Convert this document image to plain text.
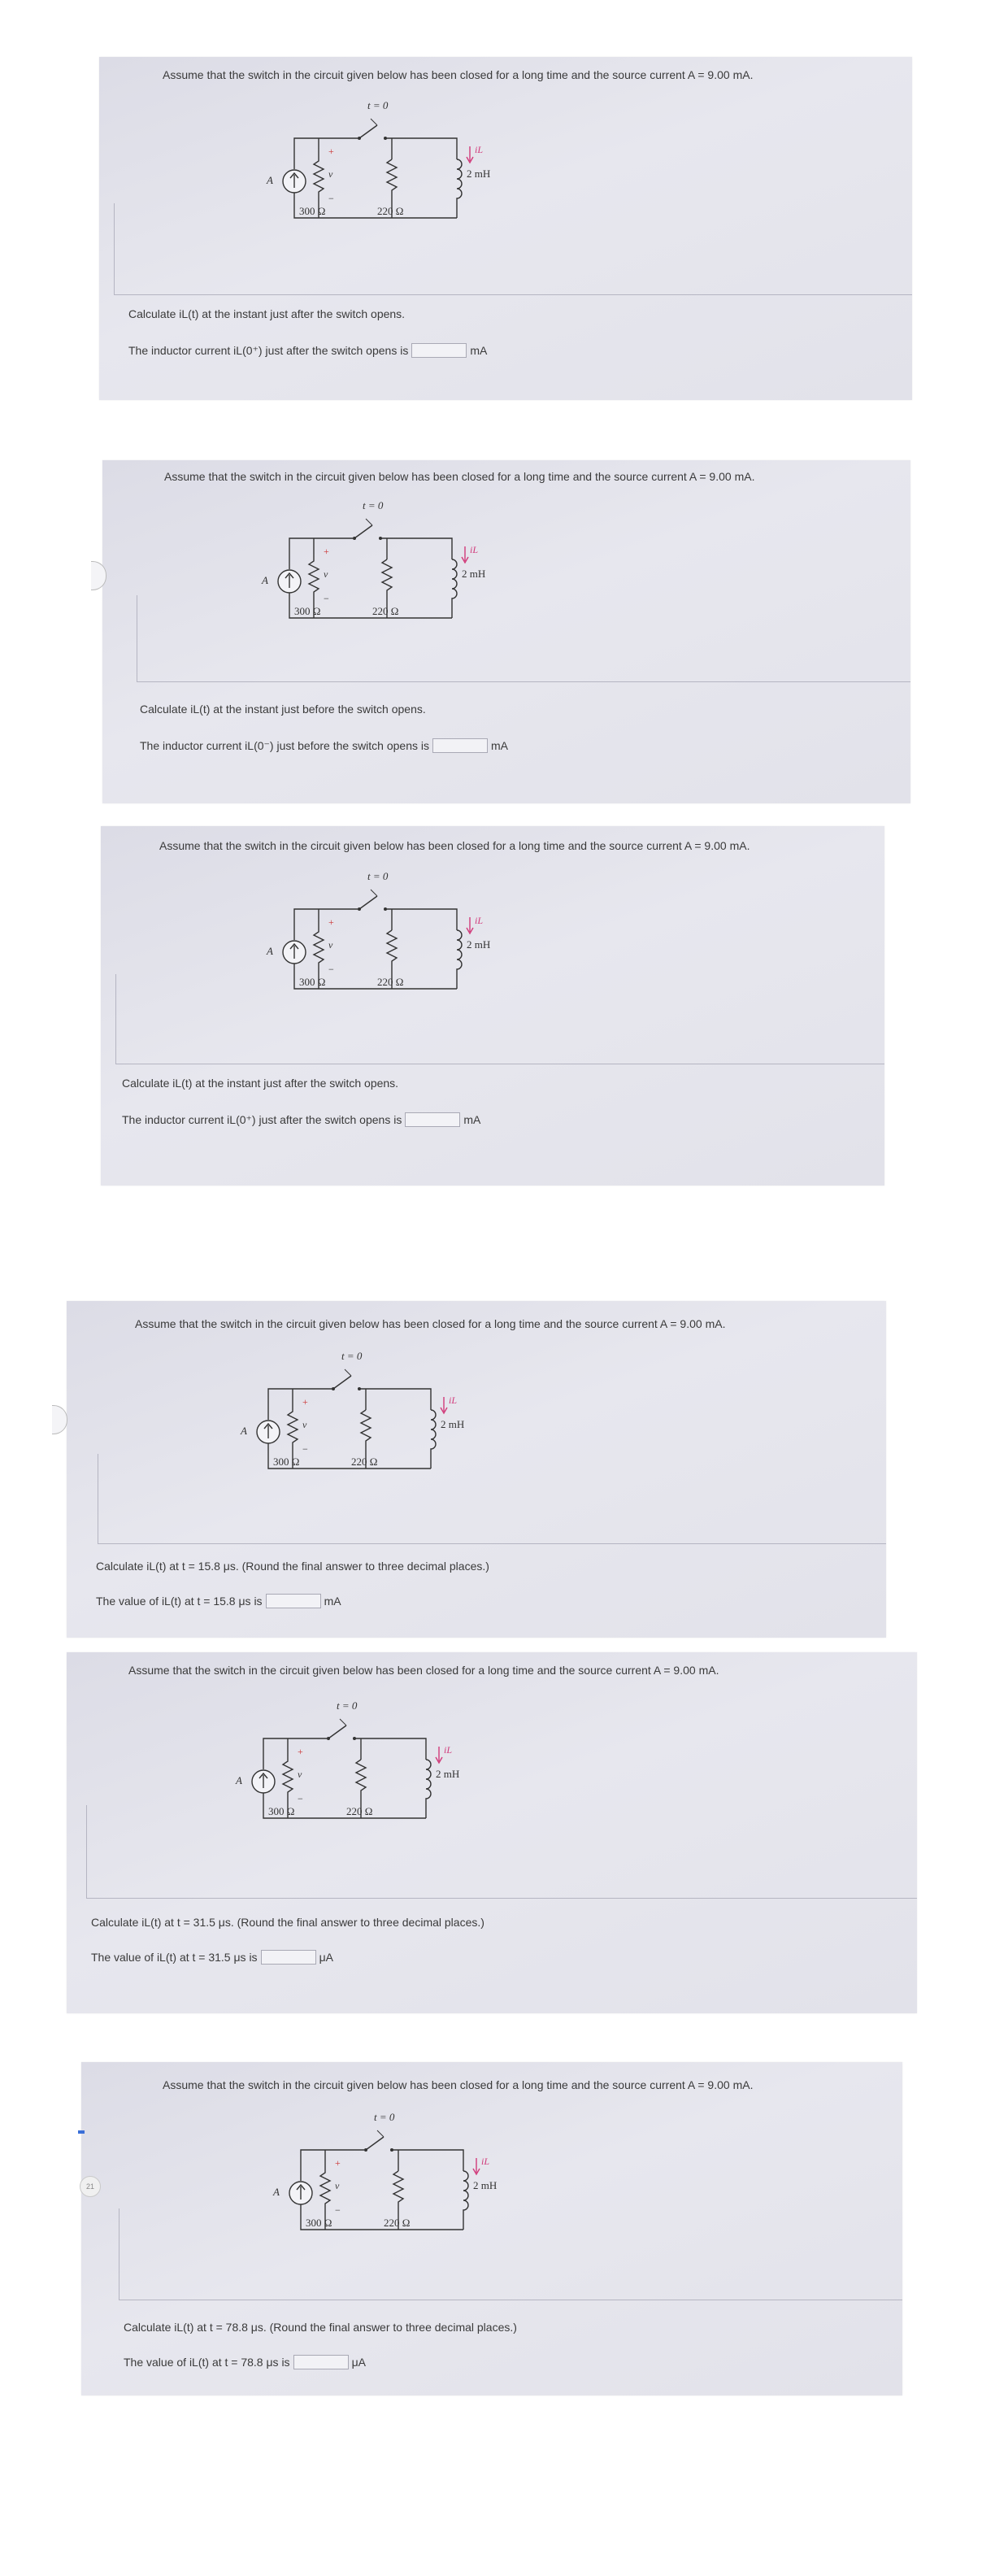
Assume that the switch in the circuit given below has been closed for a long time and the source current A = 9.00 mA.
t = 0
A
300 Ω
+
v
−
220 Ω
2 mH
iL
Calculate iL(t) at the instant just after the switch opens.
The inductor current iL(0⁺) just after the switch opens is	mA
Assume that the switch in the circuit given below has been closed for a long time and the source current A = 9.00 mA.
t = 0
A
300 Ω
+
v
−
220 Ω
2 mH
iL
Calculate iL(t) at the instant just before the switch opens.
The inductor current iL(0⁻) just before the switch opens is	mA
Assume that the switch in the circuit given below has been closed for a long time and the source current A = 9.00 mA.
t = 0
A
300 Ω
+
v
−
220 Ω
2 mH
iL
Calculate iL(t) at the instant just after the switch opens.
The inductor current iL(0⁺) just after the switch opens is	mA
Assume that the switch in the circuit given below has been closed for a long time and the source current A = 9.00 mA.
t = 0
A
300 Ω
+
v
−
220 Ω
2 mH
iL
Calculate iL(t) at t = 15.8 μs. (Round the final answer to three decimal places.)
The value of iL(t) at t = 15.8 μs is	mA
Assume that the switch in the circuit given below has been closed for a long time and the source current A = 9.00 mA.
t = 0
A
300 Ω
+
v
−
220 Ω
2 mH
iL
Calculate iL(t) at t = 31.5 μs. (Round the final answer to three decimal places.)
The value of iL(t) at t = 31.5 μs is	μA
Assume that the switch in the circuit given below has been closed for a long time and the source current A = 9.00 mA.
t = 0
A
300 Ω
+
v
−
220 Ω
2 mH
iL
Calculate iL(t) at t = 78.8 μs. (Round the final answer to three decimal places.)
The value of iL(t) at t = 78.8 μs is	μA
21
